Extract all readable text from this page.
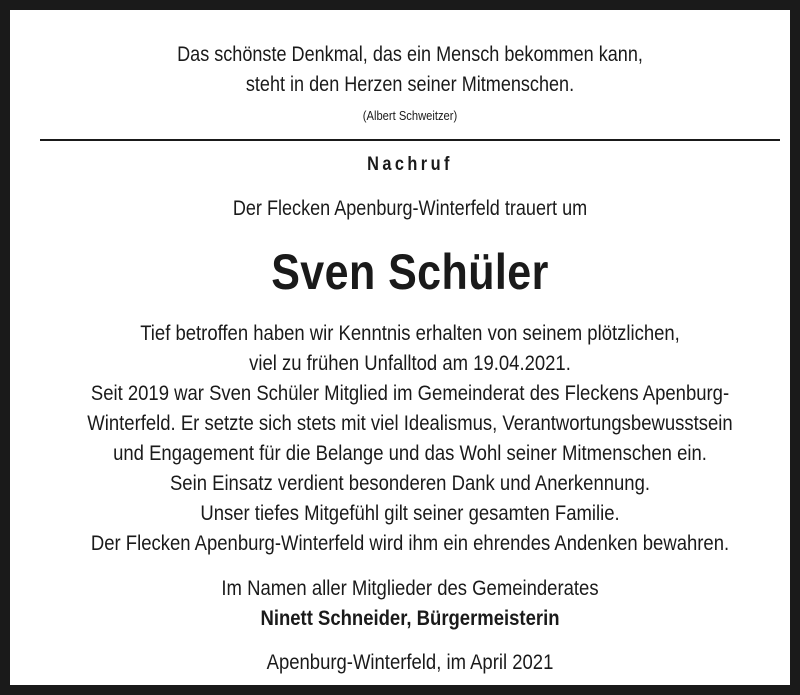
Das schönste Denkmal, das ein Mensch bekommen kann,
steht in den Herzen seiner Mitmenschen.
(Albert Schweitzer)
Nachruf
Der Flecken Apenburg-Winterfeld trauert um
Sven Schüler
Tief betroffen haben wir Kenntnis erhalten von seinem plötzlichen,
viel zu frühen Unfalltod am 19.04.2021.
Seit 2019 war Sven Schüler Mitglied im Gemeinderat des Fleckens Apenburg-
Winterfeld. Er setzte sich stets mit viel Idealismus, Verantwortungsbewusstsein
und Engagement für die Belange und das Wohl seiner Mitmenschen ein.
Sein Einsatz verdient besonderen Dank und Anerkennung.
Unser tiefes Mitgefühl gilt seiner gesamten Familie.
Der Flecken Apenburg-Winterfeld wird ihm ein ehrendes Andenken bewahren.
Im Namen aller Mitglieder des Gemeinderates
Ninett Schneider, Bürgermeisterin
Apenburg-Winterfeld, im April 2021
